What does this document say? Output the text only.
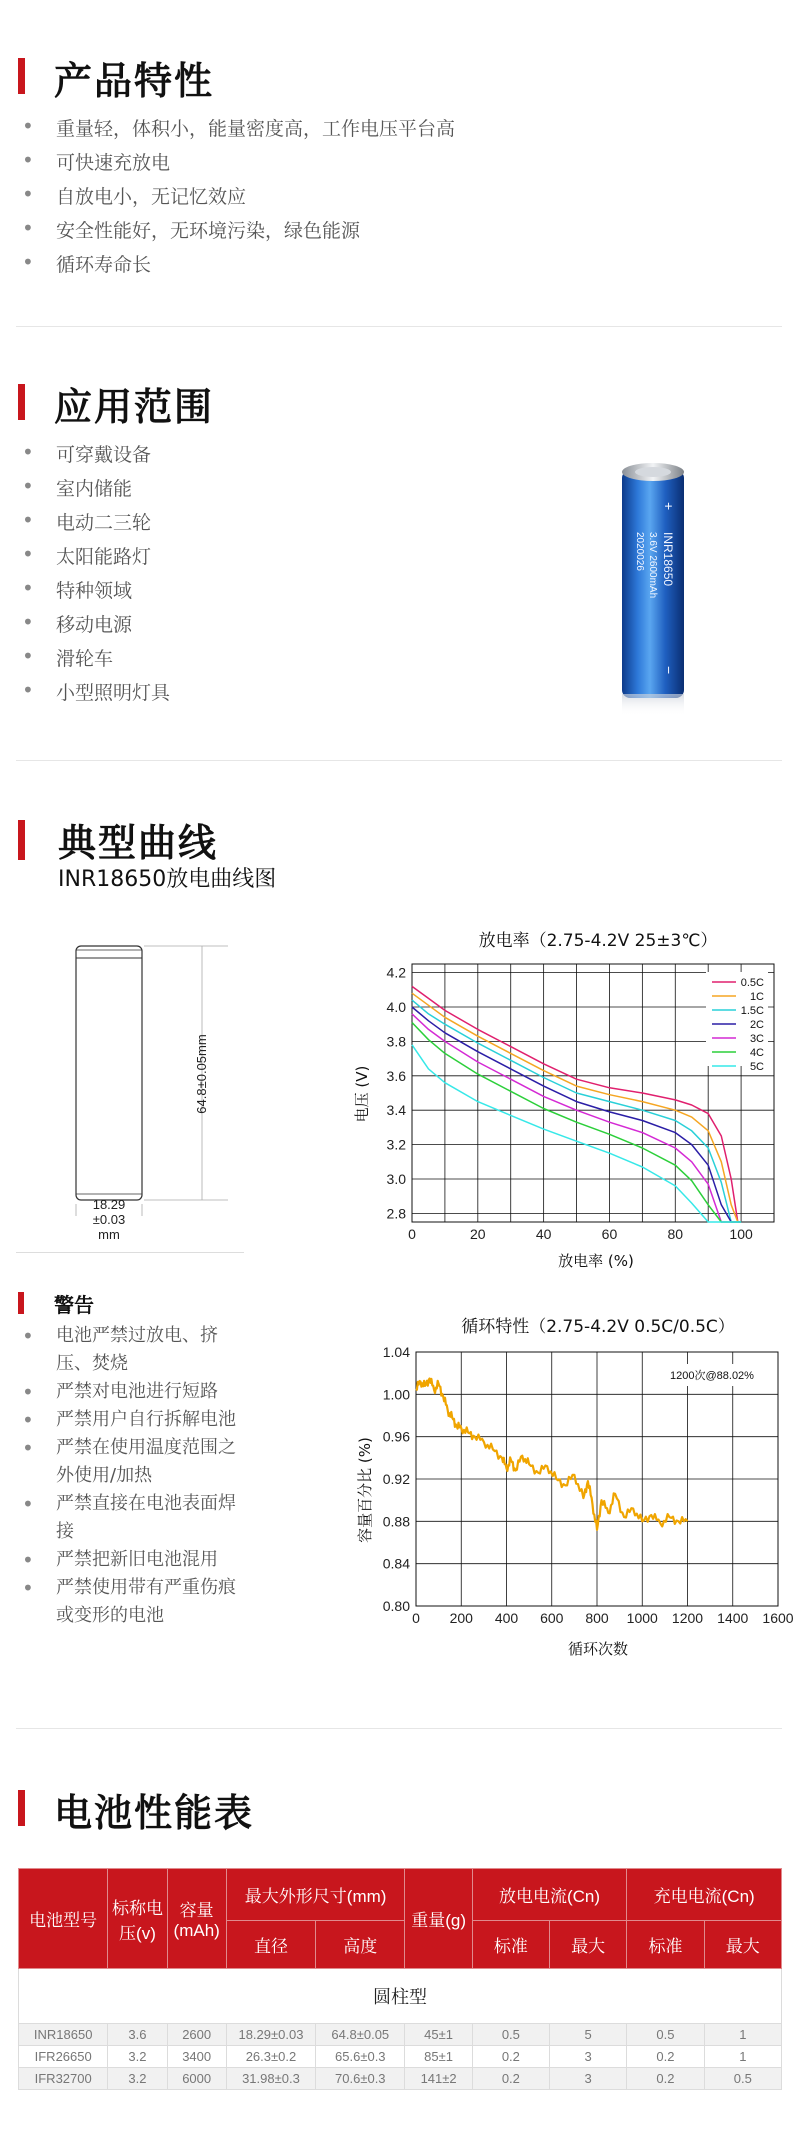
产品特性
• 重量轻，体积小，能量密度高，工作电压平台高
• 可快速充放电
• 自放电小，无记忆效应
• 安全性能好，无环境污染，绿色能源
• 循环寿命长
应用范围
• 可穿戴设备
• 室内储能
• 电动二三轮
• 太阳能路灯
• 特种领域
• 移动电源
• 滑轮车
• 小型照明灯具
+
INR18650
3.6V 2600mAh
2020026
−
典型曲线
INR18650放电曲线图
64.8±0.05mm
18.29
±0.03
mm
放电率（2.75-4.2V 25±3℃）
0.5C
1C
1.5C
2C
3C
4C
5C
0	20	40	60	80	100
2.8
3.0
3.2
3.4
3.6
3.8
4.0
4.2
放电率 (%)
电压 (V)
循环特性（2.75-4.2V 0.5C/0.5C）
0 200 400 600 800 1000 1200 1400 1600
0.80
0.84
0.88
0.92
0.96
1.00
1.04
1200次@88.02%
循环次数
容量百分比 (%)
警告
• 电池严禁过放电、挤
压、焚烧
• 严禁对电池进行短路
• 严禁用户自行拆解电池
• 严禁在使用温度范围之
外使用/加热
• 严禁直接在电池表面焊
接
• 严禁把新旧电池混用
• 严禁使用带有严重伤痕
或变形的电池
电池性能表
电池型号	标称电压(v)	容量(mAh)	最大外形尺寸(mm)		重量(g)	放电电流(Cn)		充电电流(Cn)	
			直径	高度		标准	最大	标准	最大
圆柱型									
INR18650	3.6	2600	18.29±0.03	64.8±0.05	45±1	0.5	5	0.5	1
IFR26650	3.2	3400	26.3±0.2	65.6±0.3	85±1	0.2	3	0.2	1
IFR32700	3.2	6000	31.98±0.3	70.6±0.3	141±2	0.2	3	0.2	0.5
